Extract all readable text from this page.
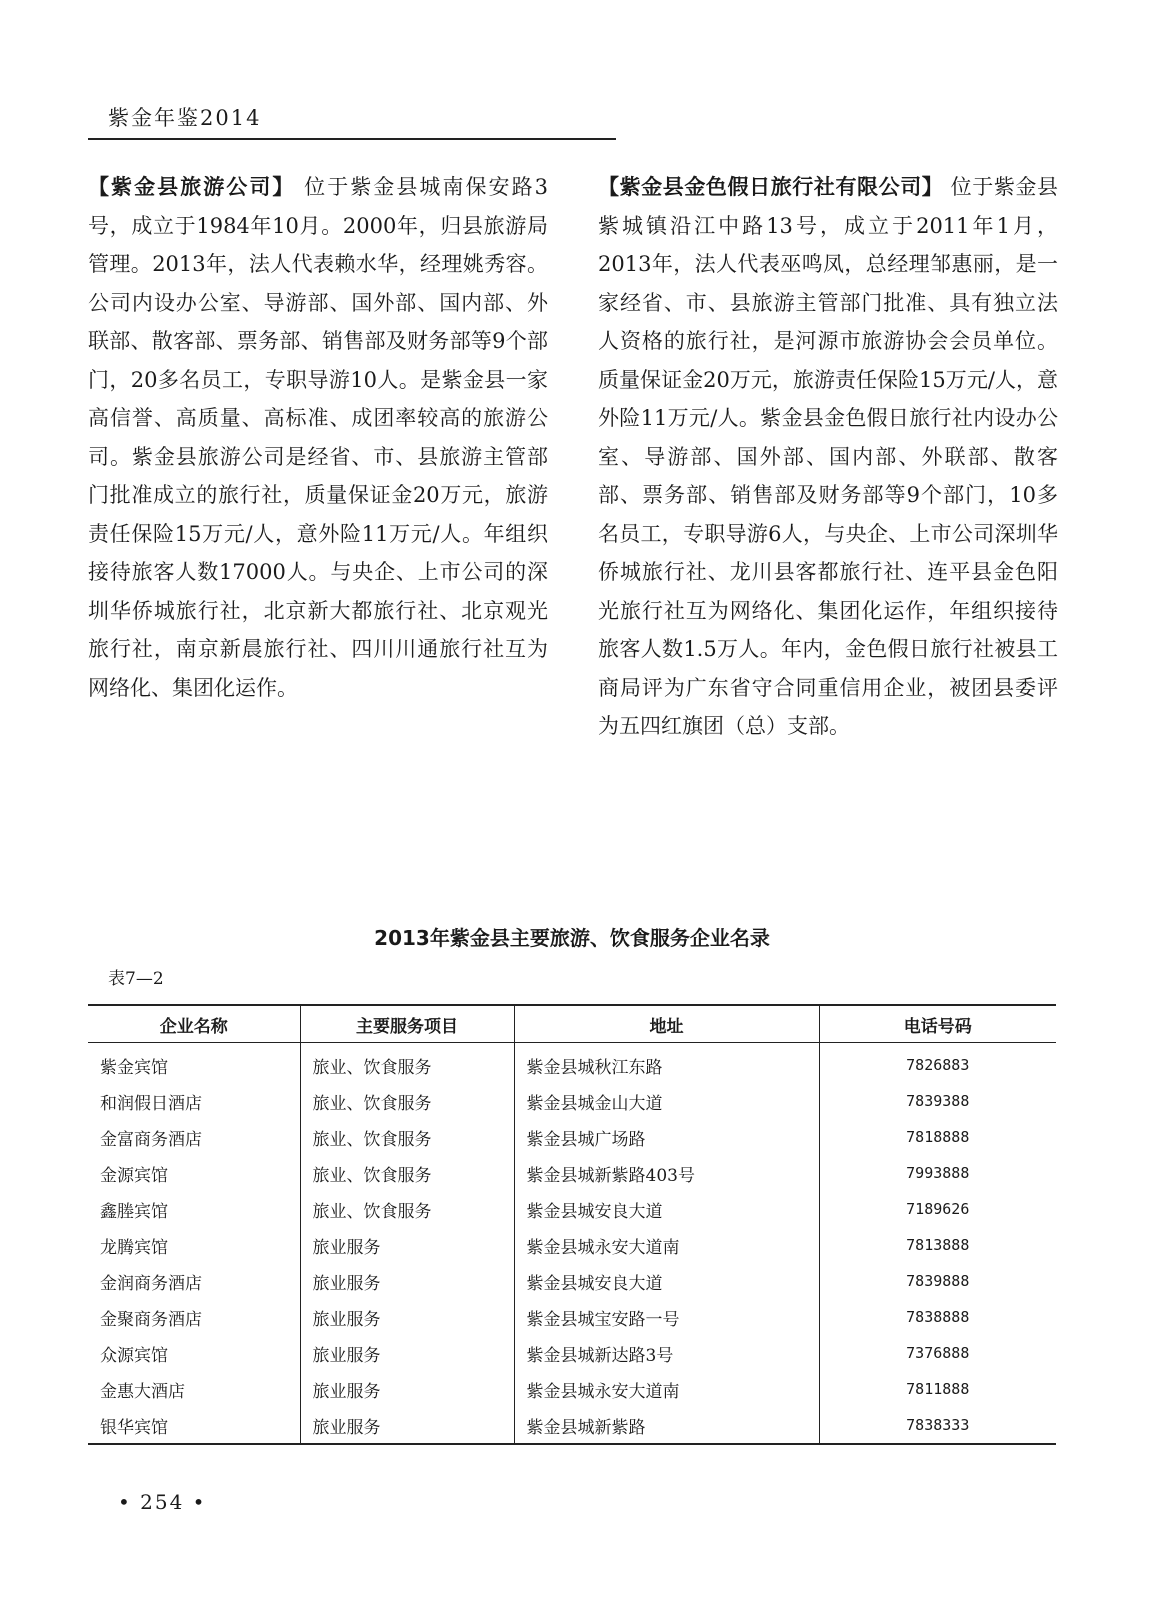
紫金年鉴2014
【紫金县旅游公司】 位于紫金县城南保安路3号，成立于1984年10月。2000年，归县旅游局管理。2013年，法人代表赖水华，经理姚秀容。公司内设办公室、导游部、国外部、国内部、外联部、散客部、票务部、销售部及财务部等9个部门，20多名员工，专职导游10人。是紫金县一家高信誉、高质量、高标准、成团率较高的旅游公司。紫金县旅游公司是经省、市、县旅游主管部门批准成立的旅行社，质量保证金20万元，旅游责任保险15万元/人，意外险11万元/人。年组织接待旅客人数17000人。与央企、上市公司的深圳华侨城旅行社，北京新大都旅行社、北京观光旅行社，南京新晨旅行社、四川川通旅行社互为网络化、集团化运作。
【紫金县金色假日旅行社有限公司】 位于紫金县紫城镇沿江中路13号，成立于2011年1月，2013年，法人代表巫鸣凤，总经理邹惠丽，是一家经省、市、县旅游主管部门批准、具有独立法人资格的旅行社，是河源市旅游协会会员单位。质量保证金20万元，旅游责任保险15万元/人，意外险11万元/人。紫金县金色假日旅行社内设办公室、导游部、国外部、国内部、外联部、散客部、票务部、销售部及财务部等9个部门，10多名员工，专职导游6人，与央企、上市公司深圳华侨城旅行社、龙川县客都旅行社、连平县金色阳光旅行社互为网络化、集团化运作，年组织接待旅客人数1.5万人。年内，金色假日旅行社被县工商局评为广东省守合同重信用企业，被团县委评为五四红旗团（总）支部。
2013年紫金县主要旅游、饮食服务企业名录
表7—2
企业名称	主要服务项目	地址	电话号码
紫金宾馆	旅业、饮食服务	紫金县城秋江东路	7826883
和润假日酒店	旅业、饮食服务	紫金县城金山大道	7839388
金富商务酒店	旅业、饮食服务	紫金县城广场路	7818888
金源宾馆	旅业、饮食服务	紫金县城新紫路403号	7993888
鑫塍宾馆	旅业、饮食服务	紫金县城安良大道	7189626
龙腾宾馆	旅业服务	紫金县城永安大道南	7813888
金润商务酒店	旅业服务	紫金县城安良大道	7839888
金聚商务酒店	旅业服务	紫金县城宝安路一号	7838888
众源宾馆	旅业服务	紫金县城新达路3号	7376888
金惠大酒店	旅业服务	紫金县城永安大道南	7811888
银华宾馆	旅业服务	紫金县城新紫路	7838333
• 254 •
